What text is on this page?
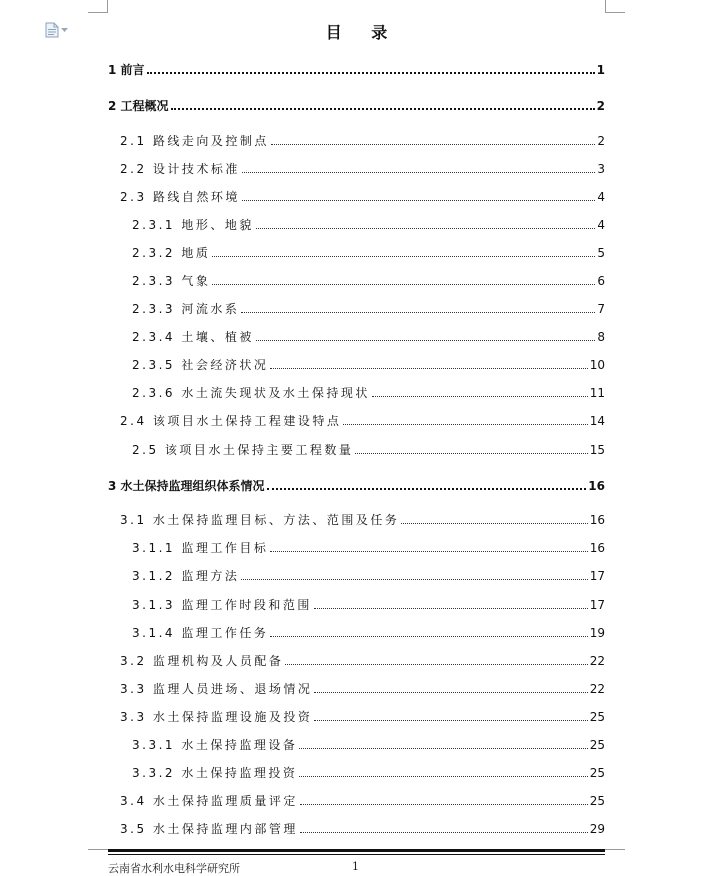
目 录
1 前言	1
2 工程概况	2
2.1 路线走向及控制点	2
2.2 设计技术标准	3
2.3 路线自然环境	4
2.3.1 地形、地貌	4
2.3.2 地质	5
2.3.3 气象	6
2.3.3 河流水系	7
2.3.4 土壤、植被	8
2.3.5 社会经济状况	10
2.3.6 水土流失现状及水土保持现状	11
2.4 该项目水土保持工程建设特点	14
2.5 该项目水土保持主要工程数量	15
3 水土保持监理组织体系情况	16
3.1 水土保持监理目标、方法、范围及任务	16
3.1.1 监理工作目标	16
3.1.2 监理方法	17
3.1.3 监理工作时段和范围	17
3.1.4 监理工作任务	19
3.2 监理机构及人员配备	22
3.3 监理人员进场、退场情况	22
3.3 水土保持监理设施及投资	25
3.3.1 水土保持监理设备	25
3.3.2 水土保持监理投资	25
3.4 水土保持监理质量评定	25
3.5 水土保持监理内部管理	29
云南省水利水电科学研究所	1
